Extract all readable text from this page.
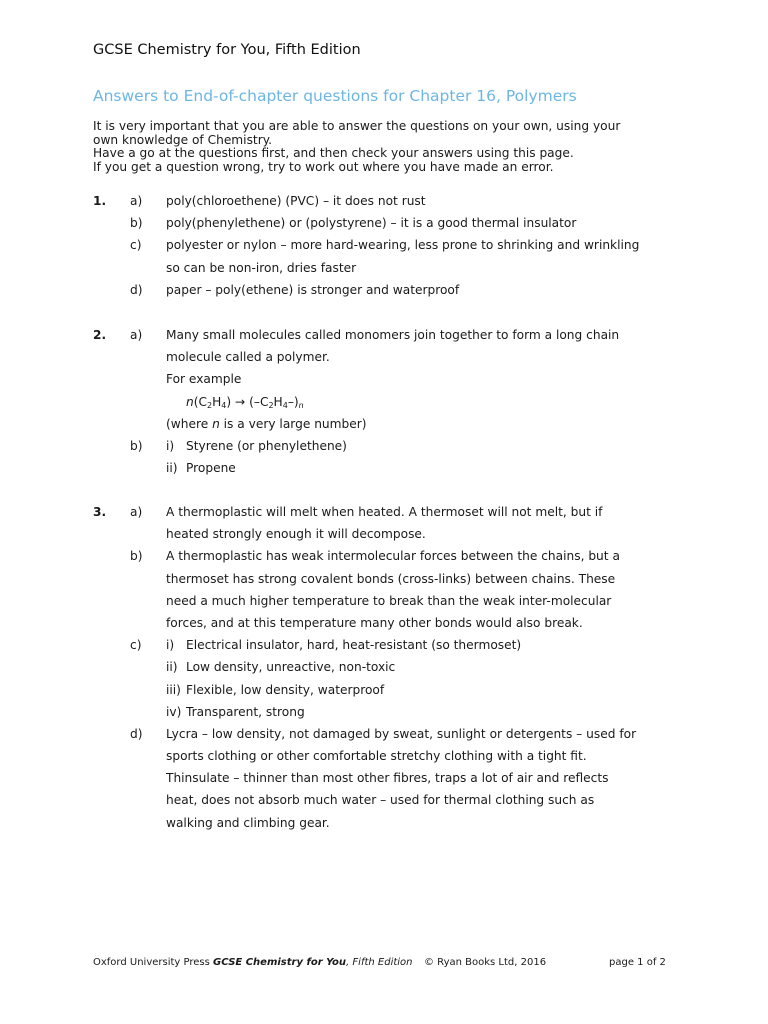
GCSE Chemistry for You, Fifth Edition
Answers to End-of-chapter questions for Chapter 16, Polymers
It is very important that you are able to answer the questions on your own, using your
own knowledge of Chemistry.
Have a go at the questions first, and then check your answers using this page.
If you get a question wrong, try to work out where you have made an error.
1. a) poly(chloroethene) (PVC) – it does not rust
b) poly(phenylethene) or (polystyrene) – it is a good thermal insulator
c) polyester or nylon – more hard-wearing, less prone to shrinking and wrinkling
so can be non-iron, dries faster
d) paper – poly(ethene) is stronger and waterproof
2. a) Many small molecules called monomers join together to form a long chain
molecule called a polymer.
For example
$n(C_2H_4) \to (-C_2H_4-)_n$
(where n is a very large number)
b) i) Styrene (or phenylethene)
ii) Propene
3. a) A thermoplastic will melt when heated. A thermoset will not melt, but if
heated strongly enough it will decompose.
b) A thermoplastic has weak intermolecular forces between the chains, but a
thermoset has strong covalent bonds (cross-links) between chains. These
need a much higher temperature to break than the weak inter-molecular
forces, and at this temperature many other bonds would also break.
c) i) Electrical insulator, hard, heat-resistant (so thermoset)
ii) Low density, unreactive, non-toxic
iii) Flexible, low density, waterproof
iv) Transparent, strong
d) Lycra – low density, not damaged by sweat, sunlight or detergents – used for
sports clothing or other comfortable stretchy clothing with a tight fit.
Thinsulate – thinner than most other fibres, traps a lot of air and reflects
heat, does not absorb much water – used for thermal clothing such as
walking and climbing gear.
Oxford University Press GCSE Chemistry for You, Fifth Edition © Ryan Books Ltd, 2016	page 1 of 2
